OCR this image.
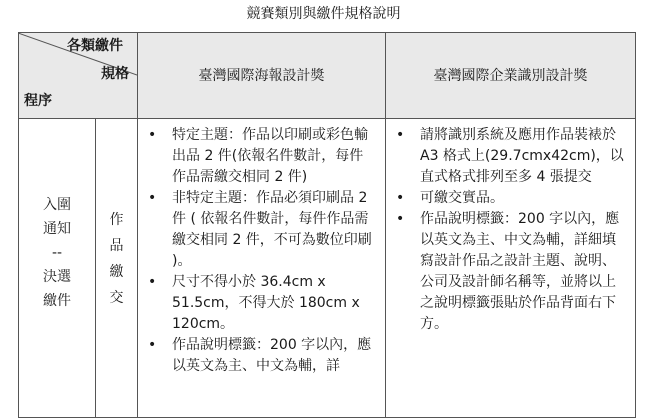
競賽類別與繳件規格說明
各類繳件
規格
程序
臺灣國際海報設計獎	臺灣國際企業識別設計獎
入圍
通知
--
決選
繳件
作
品
繳
交
• 特定主題：作品以印刷或彩色輸出品 2 件(依報名件數計，每件作品需繳交相同 2 件)
• 非特定主題：作品必須印刷品 2 件 ( 依報名件數計，每件作品需繳交相同 2 件，不可為數位印刷 )。
• 尺寸不得小於 36.4cm x 51.5cm，不得大於 180cm x 120cm。
• 作品說明標籤：200 字以內，應以英文為主、中文為輔，詳
• 請將識別系統及應用作品裝裱於 A3 格式上(29.7cmx42cm)，以直式格式排列至多 4 張提交
• 可繳交實品。
• 作品說明標籤：200 字以內，應以英文為主、中文為輔，詳細填寫設計作品之設計主題、說明、公司及設計師名稱等，並將以上之說明標籤張貼於作品背面右下方。
